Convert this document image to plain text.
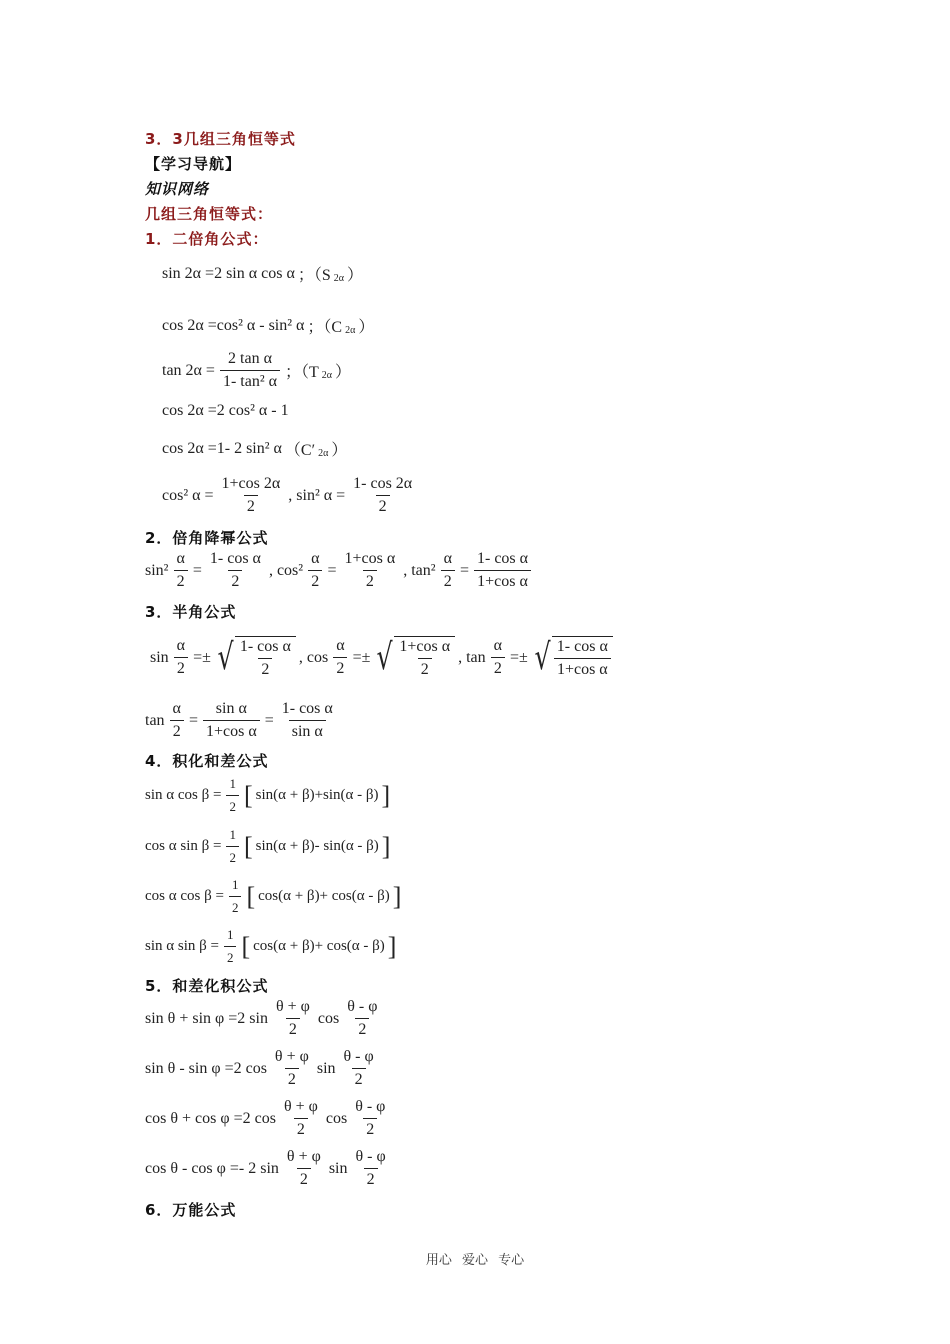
3．3几组三角恒等式
【学习导航】
知识网络
几组三角恒等式：
1．二倍角公式：
sin 2α =2 sin α cos α ；（S 2α ）
cos 2α =cos² α - sin² α ；（C 2α ）
$\tan 2\alpha = \frac{\text{2 tan α}}{\text{1- tan² α}}$ ；（T 2α ）
cos 2α =2 cos² α - 1
cos 2α =1- 2 sin² α （C′ 2α ）
cos² $\alpha = \frac{1+\cos 2\alpha}{2}$ , sin² $\alpha = \frac{1- \cos 2\alpha}{2}$
2．倍角降幂公式
$\sin^2 \frac{\alpha}{2} = \frac{\text{1- cos α}}{2}$ , $\cos^2 \frac{\alpha}{2} = \frac{\text{1+cos α}}{2}$ , $\tan^2 \frac{\alpha}{2} = \frac{\text{1- cos α}}{\text{1+cos α}}$
3．半角公式
$\sin \frac{\alpha}{2}$ =± √ $\frac{\text{1- cos α}}{2}$ , $\cos \frac{\alpha}{2}$ =± √ $\frac{\text{1+cos α}}{2}$ , $\tan \frac{\alpha}{2}$ =± √ $\frac{\text{1- cos α}}{\text{1+cos α}}$
$\tan \frac{\alpha}{2} = \frac{\text{sin α}}{\text{1+cos α}} = \frac{\text{1- cos α}}{\text{sin α}}$
4．积化和差公式
sin α $\cos \beta = \frac{1}{2}$ [ sin(α + β)+sin(α - β) ]
cos α $\sin \beta = \frac{1}{2}$ [ sin(α + β)- sin(α - β) ]
cos α $\cos \beta = \frac{1}{2}$ [ cos(α + β)+ cos(α - β) ]
sin α $\sin \beta = \frac{1}{2}$ [ cos(α + β)+ cos(α - β) ]
5．和差化积公式
sin θ + sin φ =2 sin
θ + φ
2
cos
θ - φ
2
sin θ - sin φ =2 cos
θ + φ
2
sin
θ - φ
2
cos θ + cos φ =2 cos
θ + φ
2
cos
θ - φ
2
cos θ - cos φ =- 2 sin
θ + φ
2
sin
θ - φ
2
6．万能公式
用心 爱心 专心
